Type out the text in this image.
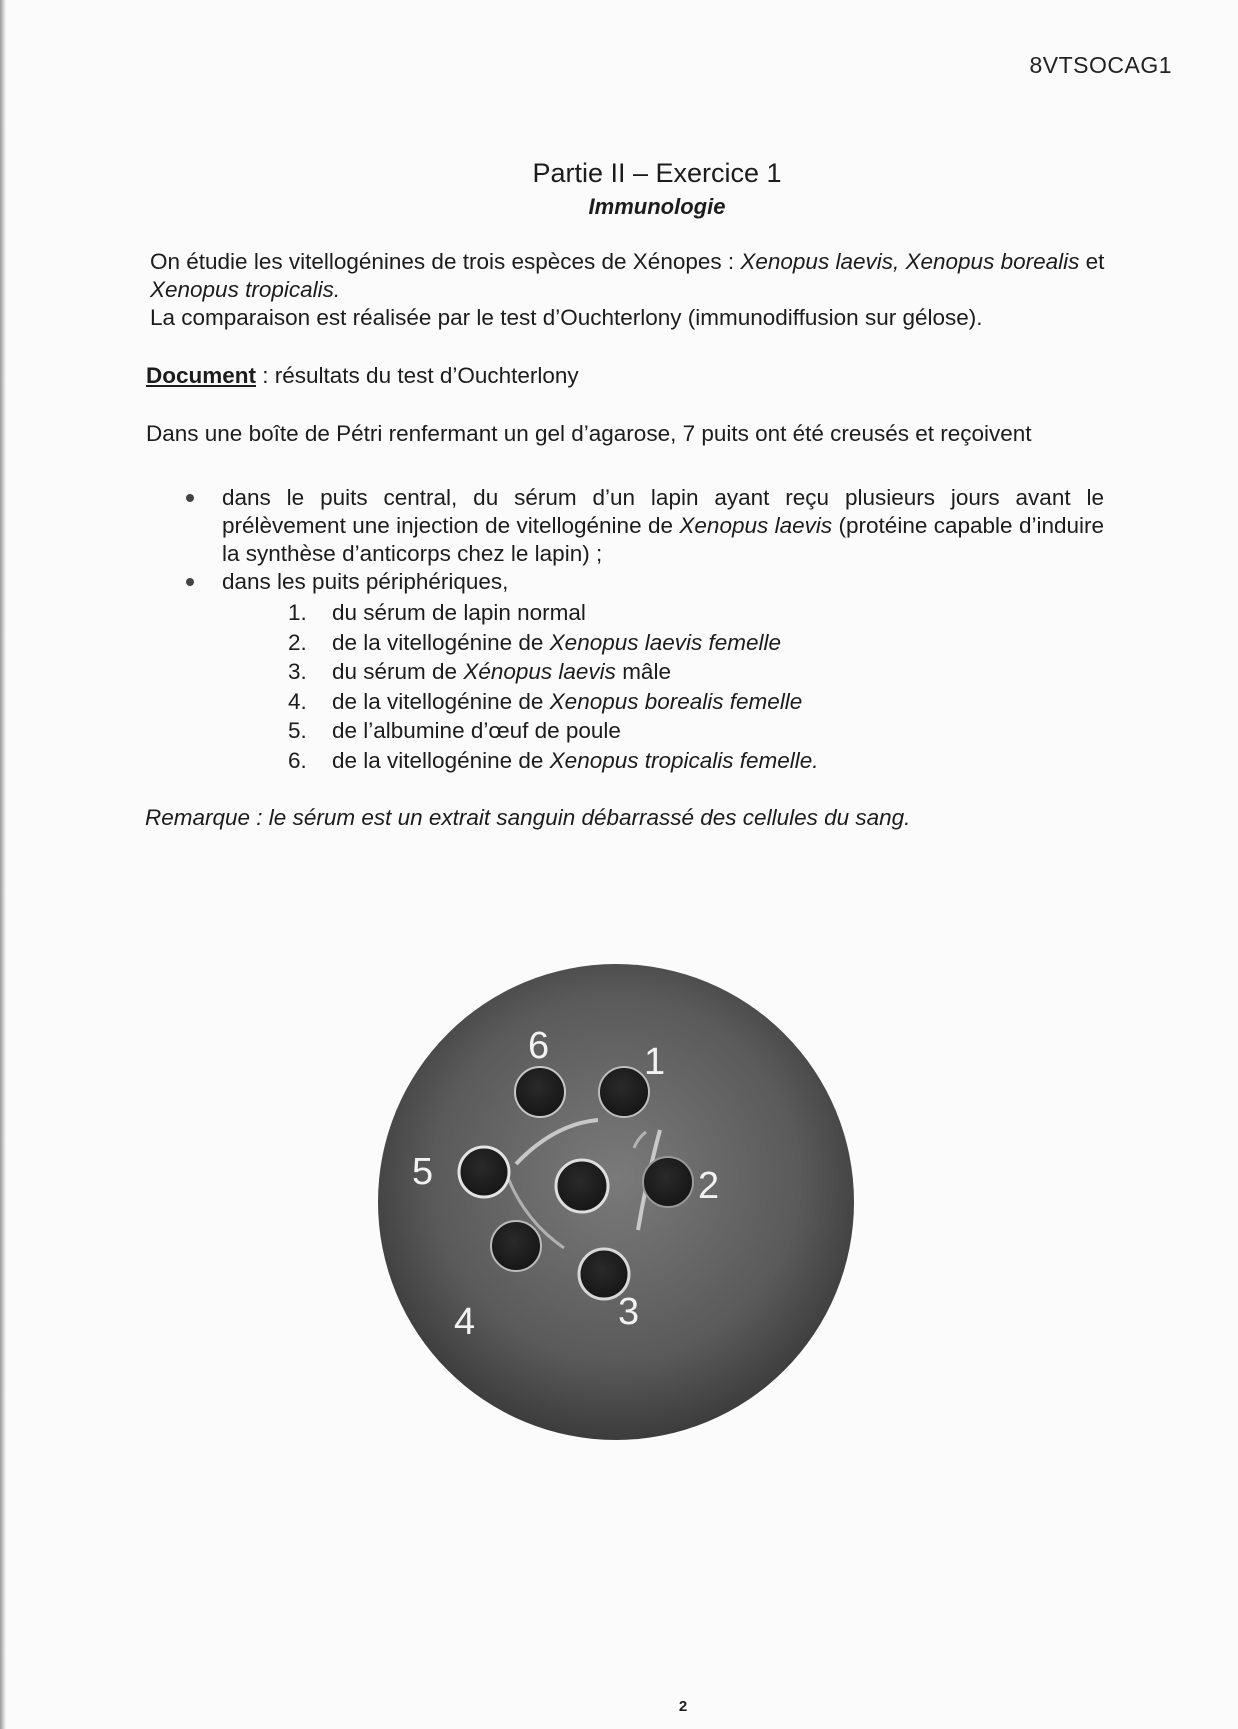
8VTSOCAG1
Partie II – Exercice 1
Immunologie
On étudie les vitellogénines de trois espèces de Xénopes : Xenopus laevis, Xenopus borealis et Xenopus tropicalis.
La comparaison est réalisée par le test d’Ouchterlony (immunodiffusion sur gélose).
Document : résultats du test d’Ouchterlony
Dans une boîte de Pétri renfermant un gel d’agarose, 7 puits ont été creusés et reçoivent
dans le puits central, du sérum d’un lapin ayant reçu plusieurs jours avant le prélèvement une injection de vitellogénine de Xenopus laevis (protéine capable d’induire la synthèse d’anticorps chez le lapin) ;
dans les puits périphériques,
1.	du sérum de lapin normal
2.	de la vitellogénine de Xenopus laevis femelle
3.	du sérum de Xénopus laevis mâle
4.	de la vitellogénine de Xenopus borealis femelle
5.	de l’albumine d’œuf de poule
6.	de la vitellogénine de Xenopus tropicalis femelle.
Remarque : le sérum est un extrait sanguin débarrassé des cellules du sang.
1
2
3
4
5
6
2
